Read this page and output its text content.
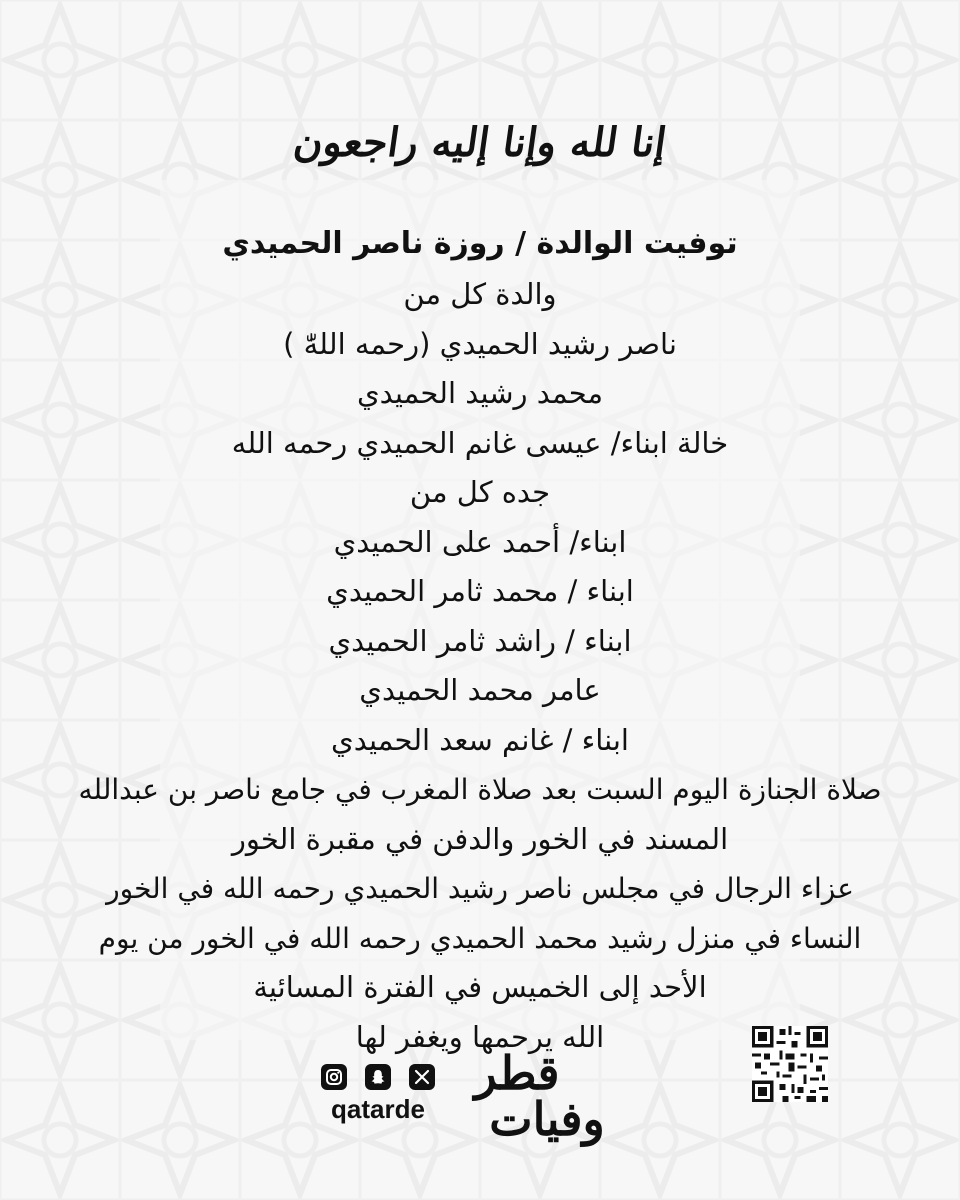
إنا لله وإنا إليه راجعون
توفيت الوالدة / روزة ناصر الحميدي
والدة كل من
ناصر رشيد الحميدي (رحمه اللهّٰ )
محمد رشيد الحميدي
خالة ابناء/ عيسى غانم الحميدي رحمه الله
جده كل من
ابناء/ أحمد على الحميدي
ابناء / محمد ثامر الحميدي
ابناء / راشد ثامر الحميدي
عامر محمد الحميدي
ابناء / غانم سعد الحميدي
صلاة الجنازة اليوم السبت بعد صلاة المغرب في جامع ناصر بن عبدالله
المسند في الخور والدفن في مقبرة الخور
عزاء الرجال في مجلس ناصر رشيد الحميدي رحمه الله في الخور
النساء في منزل رشيد محمد الحميدي رحمه الله في الخور من يوم
الأحد إلى الخميس في الفترة المسائية
الله يرحمها ويغفر لها
qatarde
قطر
وفيات
